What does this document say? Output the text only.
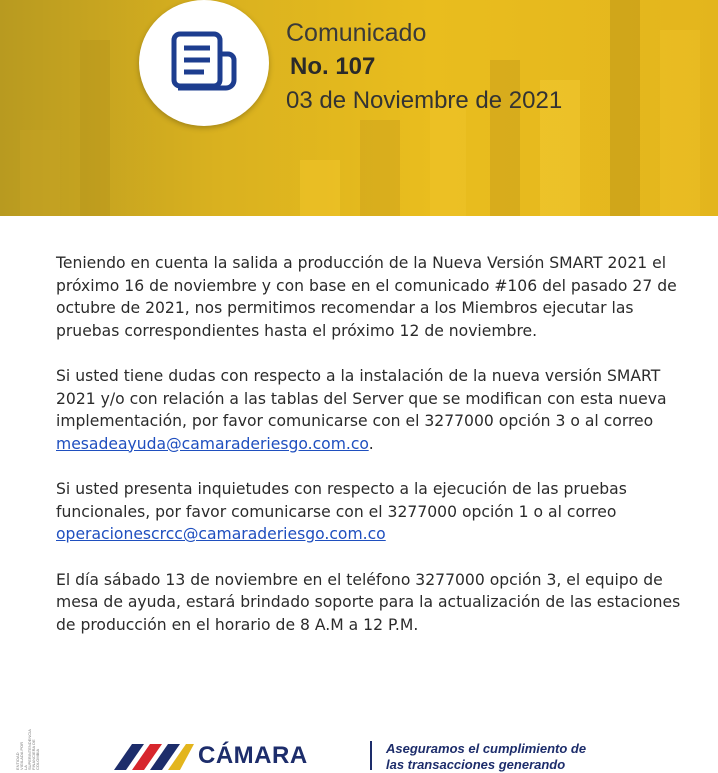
Comunicado
No. 107
03 de Noviembre de 2021

Teniendo en cuenta la salida a producción de la Nueva Versión SMART 2021 el próximo 16 de noviembre y con base en el comunicado #106 del pasado 27 de octubre de 2021, nos permitimos recomendar a los Miembros ejecutar las pruebas correspondientes hasta el próximo 12 de noviembre.

Si usted tiene dudas con respecto a la instalación de la nueva versión SMART 2021 y/o con relación a las tablas del Server que se modifican con esta nueva implementación, por favor comunicarse con el 3277000 opción 3 o al correo mesadeayuda@camaraderiesgo.com.co.

Si usted presenta inquietudes con respecto a la ejecución de las pruebas funcionales, por favor comunicarse con el 3277000 opción 1 o al correo operacionescrcc@camaraderiesgo.com.co

El día sábado 13 de noviembre en el teléfono 3277000 opción 3, el equipo de mesa de ayuda, estará brindado soporte para la actualización de las estaciones de producción en el horario de 8 A.M a 12 P.M.

ENTIDAD VIGILADA POR LA SUPERINTENDENCIA FINANCIERA DE COLOMBIA	CÁMARA	Aseguramos el cumplimiento de
las transacciones generando
